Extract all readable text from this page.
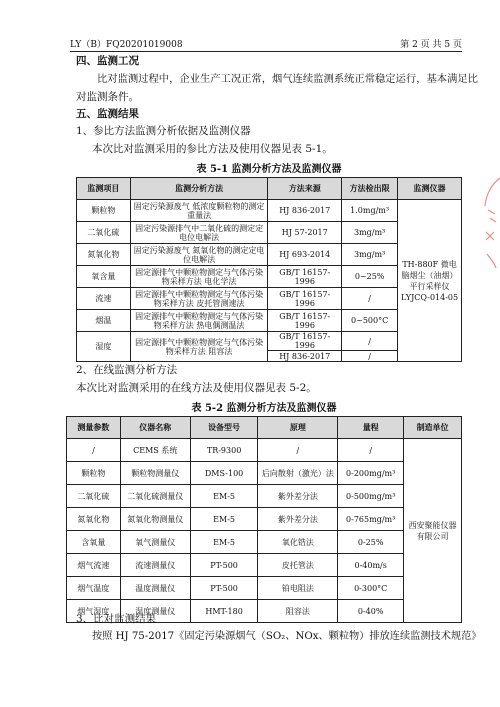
LY（B）FQ20201019008	第 2 页 共 5 页
四、监测工况
比对监测过程中，企业生产工况正常，烟气连续监测系统正常稳定运行，基本满足比
对监测条件。
五、监测结果
1、参比方法监测分析依据及监测仪器
本次比对监测采用的参比方法及使用仪器见表 5-1。
表 5-1 监测分析方法及监测仪器
监测项目	监测分析方法	方法来源	方法检出限	监测仪器
颗粒物	固定污染源废气 低浓度颗粒物的测定 重量法	HJ 836-2017	1.0mg/m³	TH-880F 微电脑烟尘（油烟）平行采样仪 LYJCQ-014-05
二氧化硫	固定污染源排气中二氧化硫的测定定电位电解法	HJ 57-2017	3mg/m³	
氮氧化物	固定污染源废气 氮氧化物的测定定电位电解法	HJ 693-2014	3mg/m³	
氧含量	固定源排气中颗粒物测定与气体污染物采样方法 电化学法	GB/T 16157-1996	0~25%	
流速	固定源排气中颗粒物测定与气体污染物采样方法 皮托管测速法	GB/T 16157-1996	/	
烟温	固定源排气中颗粒物测定与气体污染物采样方法 热电偶测温法	GB/T 16157-1996	0~500°C	
湿度	固定源排气中颗粒物测定与气体污染物采样方法 阻容法	GB/T 16157-1996	/	
		HJ 836-2017	/	
2、在线监测分析方法
本次比对监测采用的在线方法及使用仪器见表 5-2。
表 5-2 监测分析方法及监测仪器
测量参数	仪器名称	设备型号	原理	量程	制造单位
/	CEMS 系统	TR-9300	/	/	西安聚能仪器有限公司
颗粒物	颗粒物测量仪	DMS-100	后向散射（激光）法	0-200mg/m³	
二氧化硫	二氧化硫测量仪	EM-5	紫外差分法	0-500mg/m³	
氮氧化物	氮氧化物测量仪	EM-5	紫外差分法	0-765mg/m³	
含氧量	氧气测量仪	EM-5	氧化锆法	0-25%	
烟气流速	流速测量仪	PT-500	皮托管法	0-40m/s	
烟气温度	温度测量仪	PT-500	铂电阻法	0-300°C	
烟气湿度	湿度测量仪	HMT-180	阻容法	0-40%	
3、比对监测结果
按照 HJ 75-2017《固定污染源烟气（SO₂、NOx、颗粒物）排放连续监测技术规范》
